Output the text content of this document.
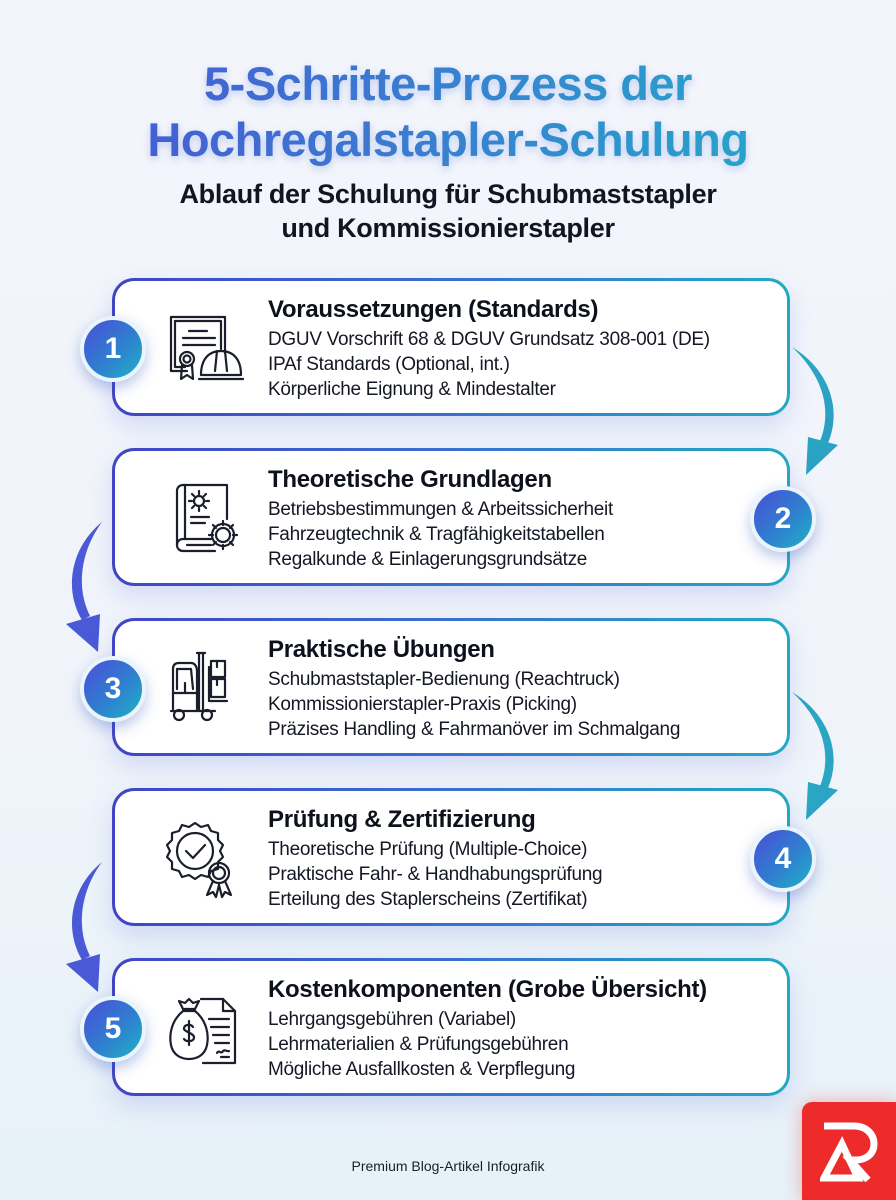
5-Schritte-Prozess der
Hochregalstapler-Schulung
Ablauf der Schulung für Schubmaststapler
und Kommissionierstapler
Voraussetzungen (Standards)
DGUV Vorschrift 68 & DGUV Grundsatz 308-001 (DE)
IPAf Standards (Optional, int.)
Körperliche Eignung & Mindestalter
1
Theoretische Grundlagen
Betriebsbestimmungen & Arbeitssicherheit
Fahrzeugtechnik & Tragfähigkeitstabellen
Regalkunde & Einlagerungsgrundsätze
2
Praktische Übungen
Schubmaststapler-Bedienung (Reachtruck)
Kommissionierstapler-Praxis (Picking)
Präzises Handling & Fahrmanöver im Schmalgang
3
Prüfung & Zertifizierung
Theoretische Prüfung (Multiple-Choice)
Praktische Fahr- & Handhabungsprüfung
Erteilung des Staplerscheins (Zertifikat)
4
Kostenkomponenten (Grobe Übersicht)
Lehrgangsgebühren (Variabel)
Lehrmaterialien & Prüfungsgebühren
Mögliche Ausfallkosten & Verpflegung
5
Premium Blog-Artikel Infografik
